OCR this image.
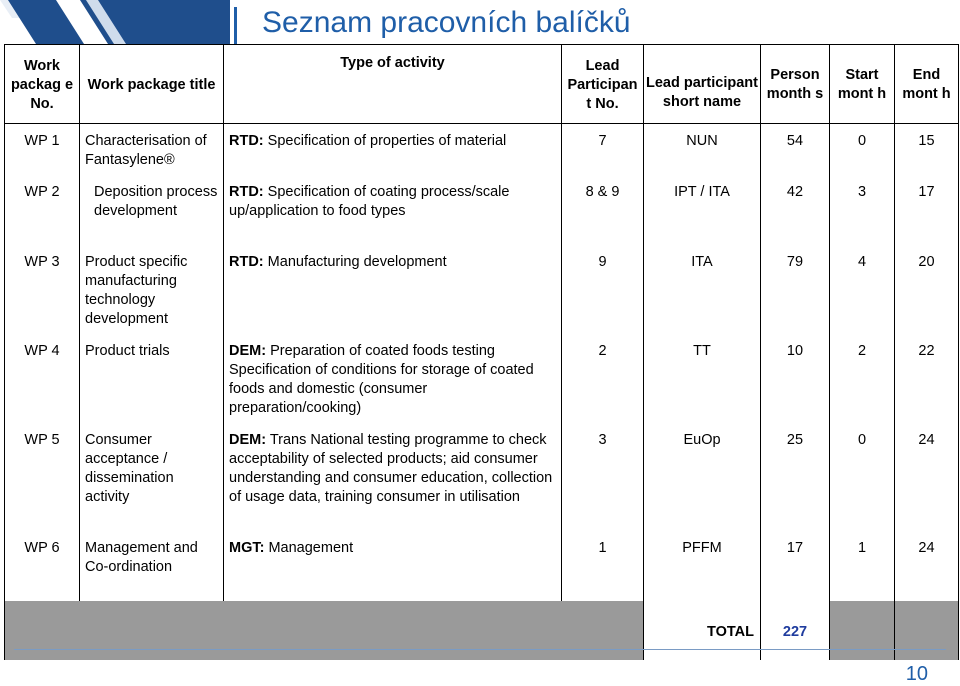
Seznam pracovních balíčků
Work packag e No.	Work package title	Type of activity	Lead Participan t No.	Lead participant short name	Person month s	Start mont h	End mont h
WP 1	Characterisation of Fantasylene®	RTD: Specification of properties of material	7	NUN	54	0	15
WP 2	Deposition process development	RTD: Specification of coating process/scale up/application to food types	8 & 9	IPT / ITA	42	3	17
WP 3	Product specific manufacturing technology development	RTD: Manufacturing development	9	ITA	79	4	20
WP 4	Product trials	DEM: Preparation of coated foods testing Specification of conditions for storage of coated foods and domestic (consumer preparation/cooking)	2	TT	10	2	22
WP 5	Consumer acceptance / dissemination activity	DEM: Trans National testing programme to check acceptability of selected products; aid consumer understanding and consumer education, collection of usage data, training consumer in utilisation	3	EuOp	25	0	24
WP 6	Management and Co-ordination	MGT: Management	1	PFFM	17	1	24
				TOTAL	227		
10
